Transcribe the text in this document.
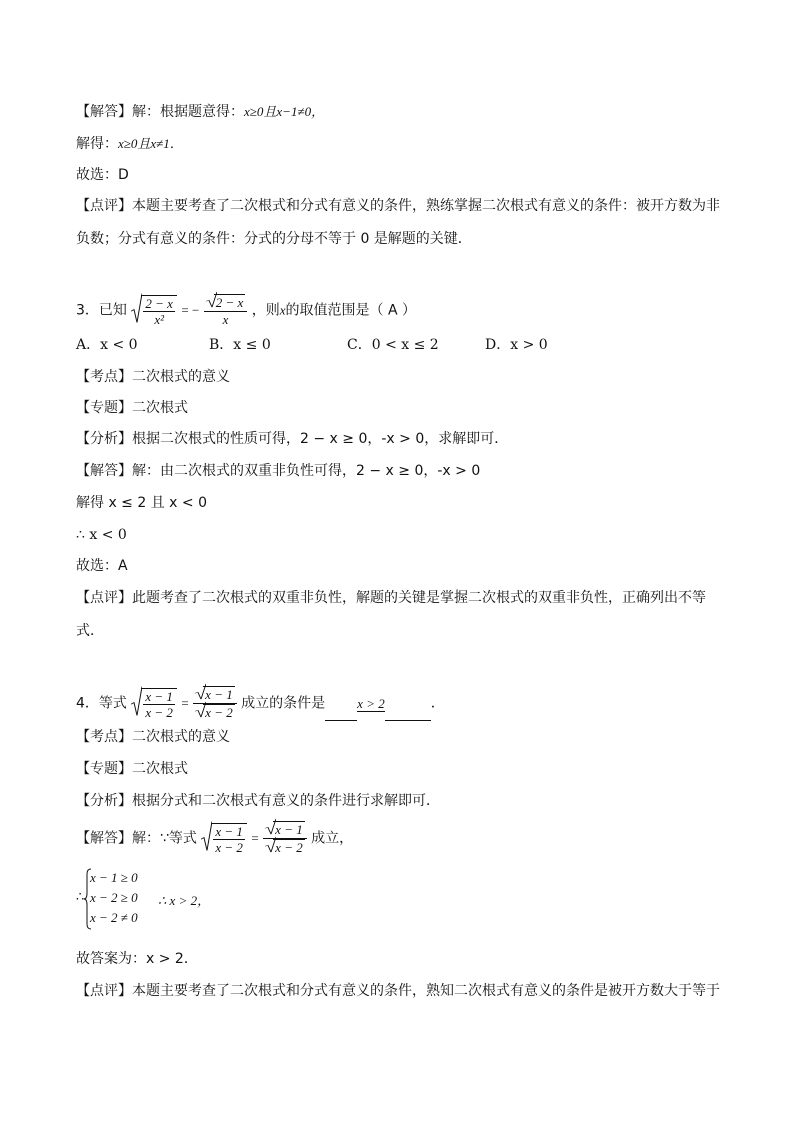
【解答】解：根据题意得：x≥0且x−1≠0，
解得：x≥0且x≠1．
故选：D
【点评】本题主要考查了二次根式和分式有意义的条件，熟练掌握二次根式有意义的条件：被开方数为非负数；分式有意义的条件：分式的分母不等于 0 是解题的关键．
3．已知 $\frac{2 - x}{\text{x²}}$ = − $\frac{2 - x}{x}$ ，则x的取值范围是（ A ）
A．x < 0	B．x ≤ 0	C．0 < x ≤ 2	D．x > 0
【考点】二次根式的意义
【专题】二次根式
【分析】根据二次根式的性质可得，2 − x ≥ 0，-x > 0，求解即可．
【解答】解：由二次根式的双重非负性可得，2 − x ≥ 0，-x > 0
解得 x ≤ 2 且 x < 0
∴ x < 0
故选：A
【点评】此题考查了二次根式的双重非负性，解题的关键是掌握二次根式的双重非负性，正确列出不等式．
4．等式 $\frac{x - 1}{x - 2} = \frac{x - 1}{x - 2}$ 成立的条件是 x > 2	．
【考点】二次根式的意义
【专题】二次根式
【分析】根据分式和二次根式有意义的条件进行求解即可．
【解答】解：∵等式 $\frac{x - 1}{x - 2} = \frac{x - 1}{x - 2}$ 成立，
∴
x − 1 ≥ 0
x − 2 ≥ 0
x − 2 ≠ 0
∴ x > 2，
故答案为：x > 2．
【点评】本题主要考查了二次根式和分式有意义的条件，熟知二次根式有意义的条件是被开方数大于等于
